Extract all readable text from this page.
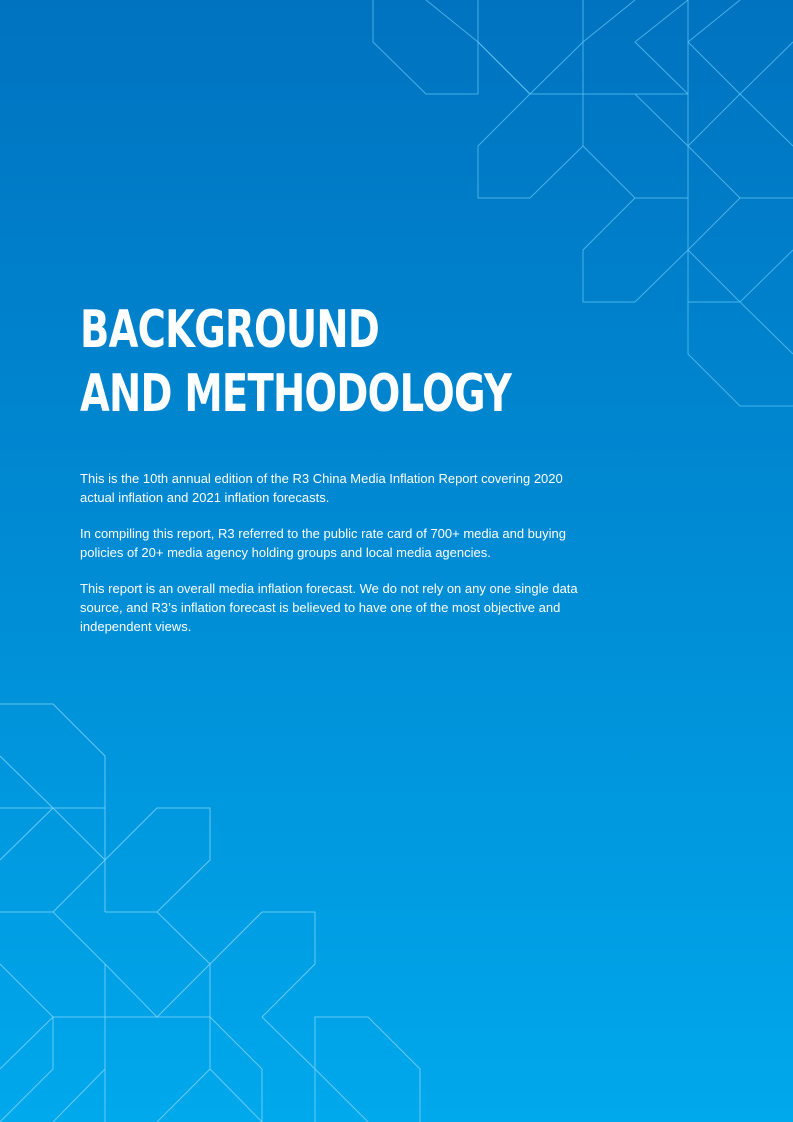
BACKGROUND
AND METHODOLOGY

This is the 10th annual edition of the R3 China Media Inflation Report covering 2020 actual inflation and 2021 inflation forecasts.

In compiling this report, R3 referred to the public rate card of 700+ media and buying policies of 20+ media agency holding groups and local media agencies.

This report is an overall media inflation forecast. We do not rely on any one single data source, and R3’s inflation forecast is believed to have one of the most objective and independent views.
